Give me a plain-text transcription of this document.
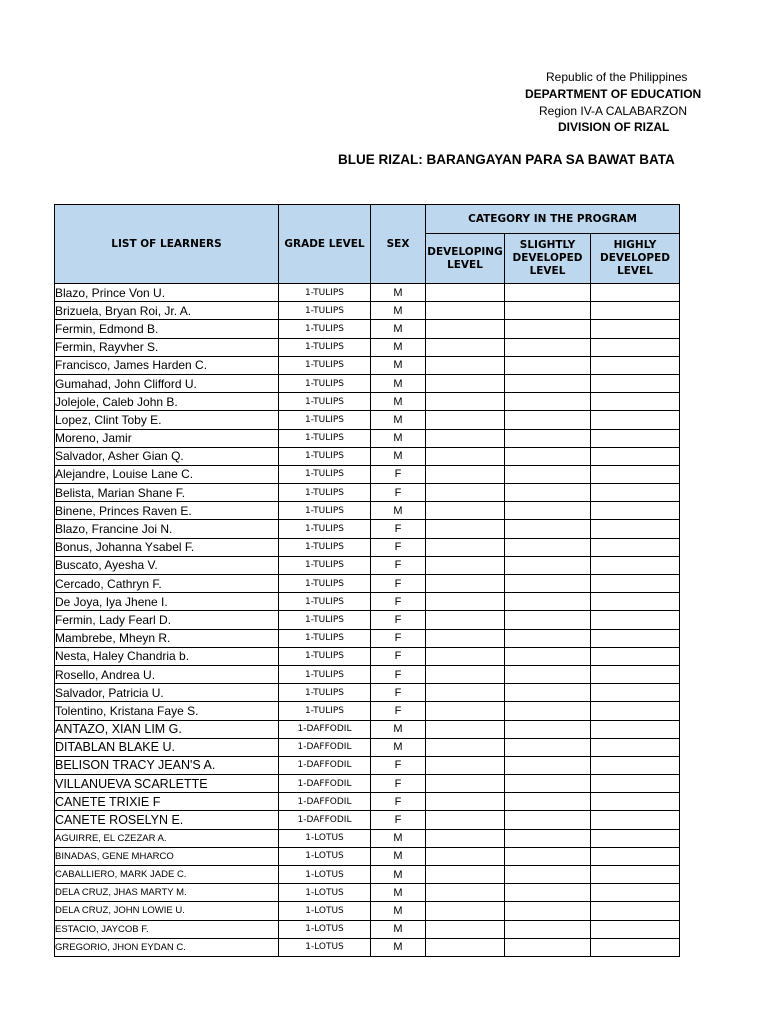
Republic of the Philippines
DEPARTMENT OF EDUCATION
Region IV-A CALABARZON
DIVISION OF RIZAL
BLUE RIZAL: BARANGAYAN PARA SA BAWAT BATA
LIST OF LEARNERS	GRADE LEVEL	SEX	CATEGORY IN THE PROGRAM		
			DEVELOPING LEVEL	SLIGHTLY DEVELOPED LEVEL	HIGHLY DEVELOPED LEVEL
Blazo, Prince Von U.	1-TULIPS	M			
Brizuela, Bryan Roi, Jr. A.	1-TULIPS	M			
Fermin, Edmond B.	1-TULIPS	M			
Fermin, Rayvher S.	1-TULIPS	M			
Francisco, James Harden C.	1-TULIPS	M			
Gumahad, John Clifford U.	1-TULIPS	M			
Jolejole, Caleb John B.	1-TULIPS	M			
Lopez, Clint Toby E.	1-TULIPS	M			
Moreno, Jamir	1-TULIPS	M			
Salvador, Asher Gian Q.	1-TULIPS	M			
Alejandre, Louise Lane C.	1-TULIPS	F			
Belista, Marian Shane F.	1-TULIPS	F			
Binene, Princes Raven E.	1-TULIPS	M			
Blazo, Francine Joi N.	1-TULIPS	F			
Bonus, Johanna Ysabel F.	1-TULIPS	F			
Buscato, Ayesha V.	1-TULIPS	F			
Cercado, Cathryn F.	1-TULIPS	F			
De Joya, Iya Jhene I.	1-TULIPS	F			
Fermin, Lady Fearl D.	1-TULIPS	F			
Mambrebe, Mheyn R.	1-TULIPS	F			
Nesta, Haley Chandria b.	1-TULIPS	F			
Rosello, Andrea U.	1-TULIPS	F			
Salvador, Patricia U.	1-TULIPS	F			
Tolentino, Kristana Faye S.	1-TULIPS	F			
ANTAZO, XIAN LIM G.	1-DAFFODIL	M			
DITABLAN BLAKE U.	1-DAFFODIL	M			
BELISON TRACY JEAN'S A.	1-DAFFODIL	F			
VILLANUEVA SCARLETTE	1-DAFFODIL	F			
CANETE TRIXIE F	1-DAFFODIL	F			
CANETE ROSELYN E.	1-DAFFODIL	F			
AGUIRRE, EL CZEZAR A.	1-LOTUS	M			
BINADAS, GENE MHARCO	1-LOTUS	M			
CABALLIERO, MARK JADE C.	1-LOTUS	M			
DELA CRUZ, JHAS MARTY M.	1-LOTUS	M			
DELA CRUZ, JOHN LOWIE U.	1-LOTUS	M			
ESTACIO, JAYCOB F.	1-LOTUS	M			
GREGORIO, JHON EYDAN C.	1-LOTUS	M			
